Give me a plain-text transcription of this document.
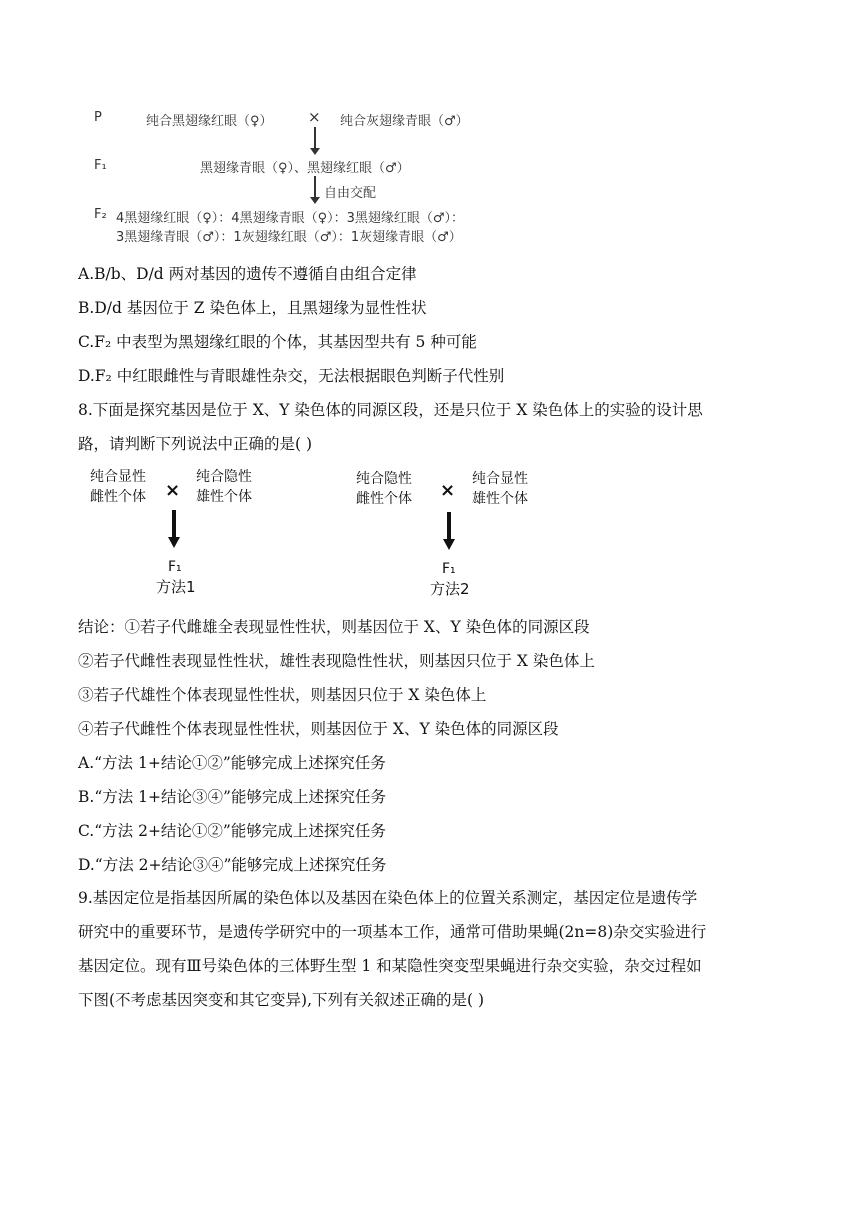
P	纯合黑翅缘红眼（♀） × 纯合灰翅缘青眼（♂）
F₁	黑翅缘青眼（♀）、黑翅缘红眼（♂）
自由交配
F₂ 4黑翅缘红眼（♀）：4黑翅缘青眼（♀）：3黑翅缘红眼（♂）：
3黑翅缘青眼（♂）：1灰翅缘红眼（♂）：1灰翅缘青眼（♂）
A.B/b、D/d 两对基因的遗传不遵循自由组合定律
B.D/d 基因位于 Z 染色体上，且黑翅缘为显性性状
C.F₂ 中表型为黑翅缘红眼的个体，其基因型共有 5 种可能
D.F₂ 中红眼雌性与青眼雄性杂交，无法根据眼色判断子代性别
8.下面是探究基因是位于 X、Y 染色体的同源区段，还是只位于 X 染色体上的实验的设计思
路，请判断下列说法中正确的是( )
纯合显性
雌性个体 ×
纯合隐性
雄性个体
F₁
方法1
纯合隐性
雌性个体 ×
纯合显性
雄性个体
F₁
方法2
结论：①若子代雌雄全表现显性性状，则基因位于 X、Y 染色体的同源区段
②若子代雌性表现显性性状，雄性表现隐性性状，则基因只位于 X 染色体上
③若子代雄性个体表现显性性状，则基因只位于 X 染色体上
④若子代雌性个体表现显性性状，则基因位于 X、Y 染色体的同源区段
A.“方法 1+结论①②”能够完成上述探究任务
B.“方法 1+结论③④”能够完成上述探究任务
C.“方法 2+结论①②”能够完成上述探究任务
D.“方法 2+结论③④”能够完成上述探究任务
9.基因定位是指基因所属的染色体以及基因在染色体上的位置关系测定，基因定位是遗传学
研究中的重要环节，是遗传学研究中的一项基本工作，通常可借助果蝇(2n=8)杂交实验进行
基因定位。现有Ⅲ号染色体的三体野生型 1 和某隐性突变型果蝇进行杂交实验，杂交过程如
下图(不考虑基因突变和其它变异),下列有关叙述正确的是( )
